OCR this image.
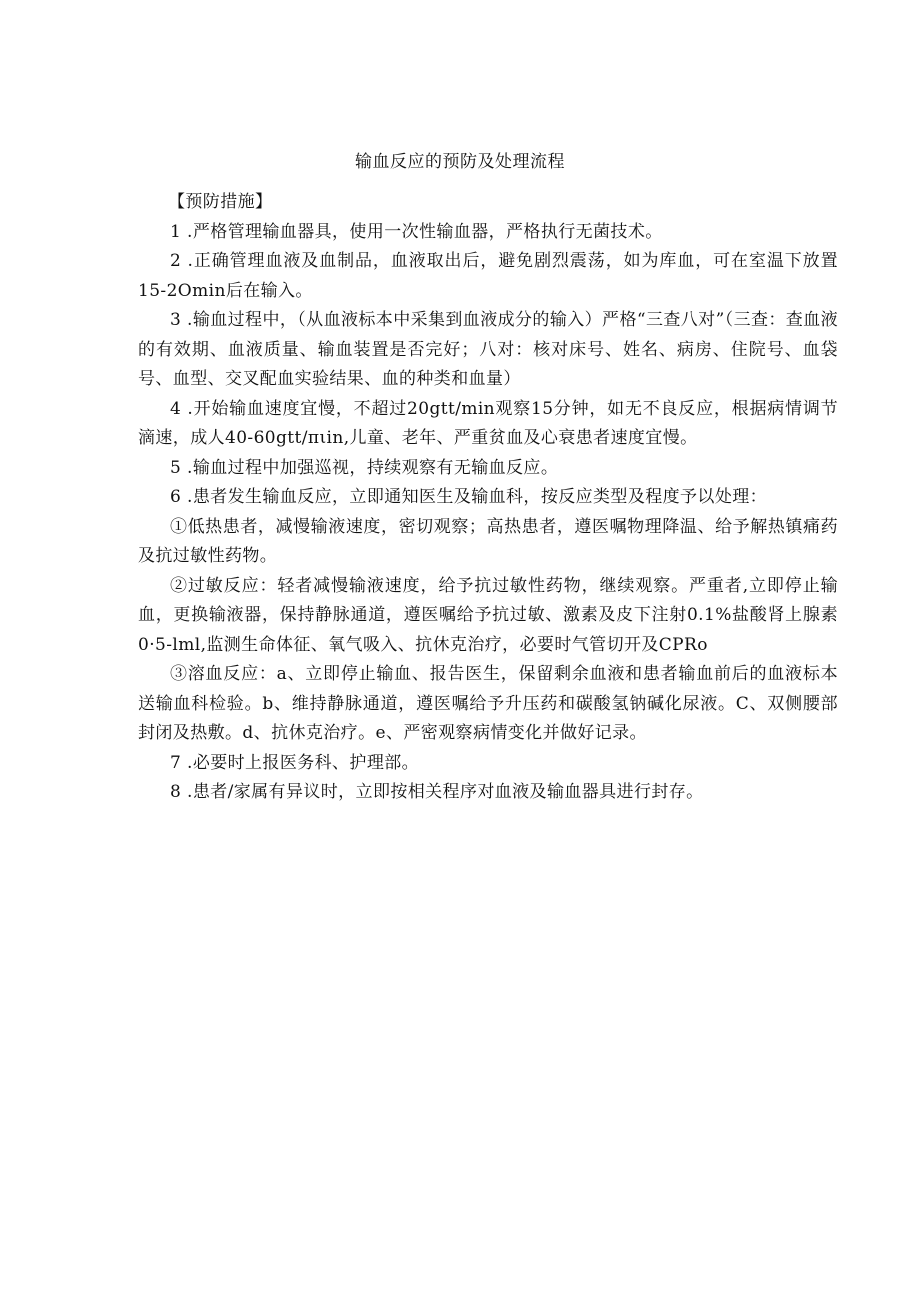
输血反应的预防及处理流程

【预防措施】

1 .严格管理输血器具，使用一次性输血器，严格执行无菌技术。

2 .正确管理血液及血制品，血液取出后，避免剧烈震荡，如为库血，可在室温下放置15-2Omin后在输入。

3 .输血过程中，（从血液标本中采集到血液成分的输入）严格“三查八对”（三查：查血液的有效期、血液质量、输血装置是否完好；八对：核对床号、姓名、病房、住院号、血袋号、血型、交叉配血实验结果、血的种类和血量）

4 .开始输血速度宜慢，不超过20gtt∕min观察15分钟，如无不良反应，根据病情调节滴速，成人40-60gtt∕πιin,儿童、老年、严重贫血及心衰患者速度宜慢。

5 .输血过程中加强巡视，持续观察有无输血反应。

6 .患者发生输血反应，立即通知医生及输血科，按反应类型及程度予以处理：

①低热患者，减慢输液速度，密切观察；高热患者，遵医嘱物理降温、给予解热镇痛药及抗过敏性药物。

②过敏反应：轻者减慢输液速度，给予抗过敏性药物，继续观察。严重者,立即停止输血，更换输液器，保持静脉通道，遵医嘱给予抗过敏、激素及皮下注射0.1%盐酸肾上腺素0·5-lml,监测生命体征、氧气吸入、抗休克治疗，必要时气管切开及CPRo

③溶血反应：a、立即停止输血、报告医生，保留剩余血液和患者输血前后的血液标本送输血科检验。b、维持静脉通道，遵医嘱给予升压药和碳酸氢钠碱化尿液。C、双侧腰部封闭及热敷。d、抗休克治疗。e、严密观察病情变化并做好记录。

7 .必要时上报医务科、护理部。

8 .患者/家属有异议时，立即按相关程序对血液及输血器具进行封存。
